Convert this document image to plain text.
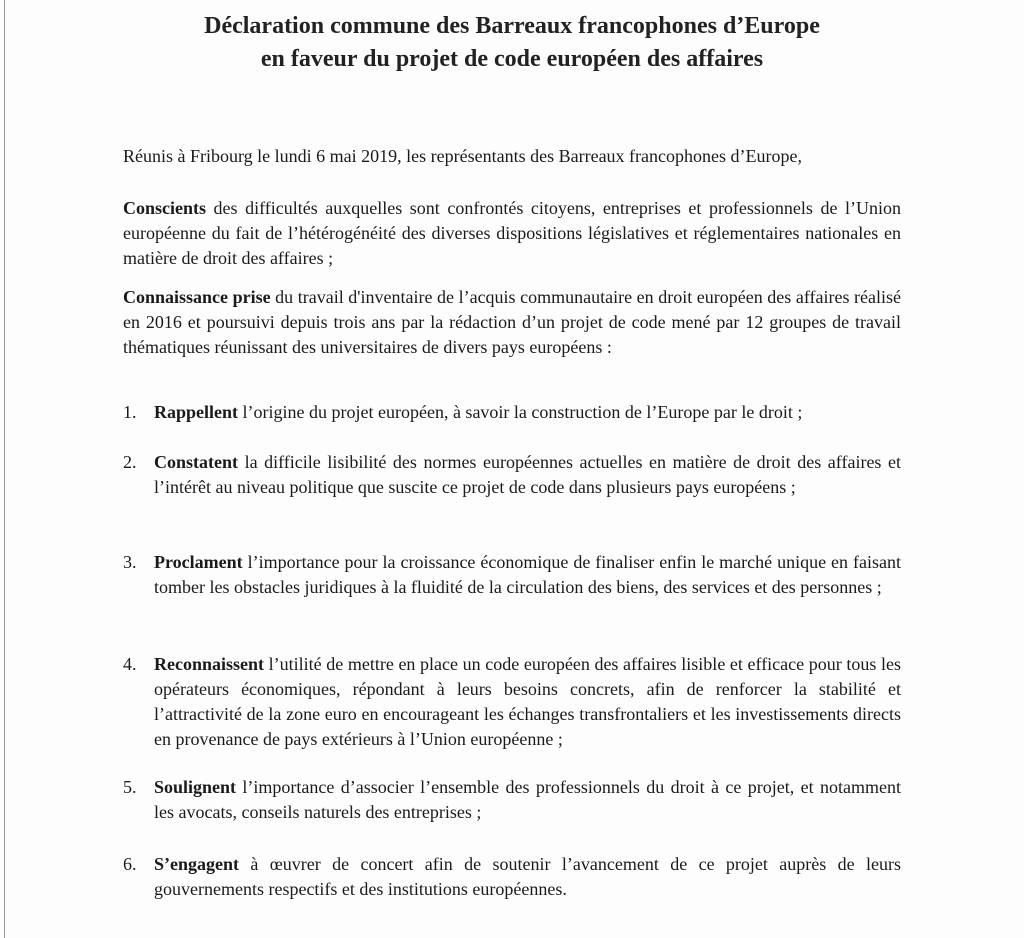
Déclaration commune des Barreaux francophones d’Europe
en faveur du projet de code européen des affaires
Réunis à Fribourg le lundi 6 mai 2019, les représentants des Barreaux francophones d’Europe,
Conscients des difficultés auxquelles sont confrontés citoyens, entreprises et professionnels de l’Union européenne du fait de l’hétérogénéité des diverses dispositions législatives et réglementaires nationales en matière de droit des affaires ;
Connaissance prise du travail d'inventaire de l’acquis communautaire en droit européen des affaires réalisé en 2016 et poursuivi depuis trois ans par la rédaction d’un projet de code mené par 12 groupes de travail thématiques réunissant des universitaires de divers pays européens :
1. Rappellent l’origine du projet européen, à savoir la construction de l’Europe par le droit ;
2. Constatent la difficile lisibilité des normes européennes actuelles en matière de droit des affaires et l’intérêt au niveau politique que suscite ce projet de code dans plusieurs pays européens ;
3. Proclament l’importance pour la croissance économique de finaliser enfin le marché unique en faisant tomber les obstacles juridiques à la fluidité de la circulation des biens, des services et des personnes ;
4. Reconnaissent l’utilité de mettre en place un code européen des affaires lisible et efficace pour tous les opérateurs économiques, répondant à leurs besoins concrets, afin de renforcer la stabilité et l’attractivité de la zone euro en encourageant les échanges transfrontaliers et les investissements directs en provenance de pays extérieurs à l’Union européenne ;
5. Soulignent l’importance d’associer l’ensemble des professionnels du droit à ce projet, et notamment les avocats, conseils naturels des entreprises ;
6. S’engagent à œuvrer de concert afin de soutenir l’avancement de ce projet auprès de leurs gouvernements respectifs et des institutions européennes.
